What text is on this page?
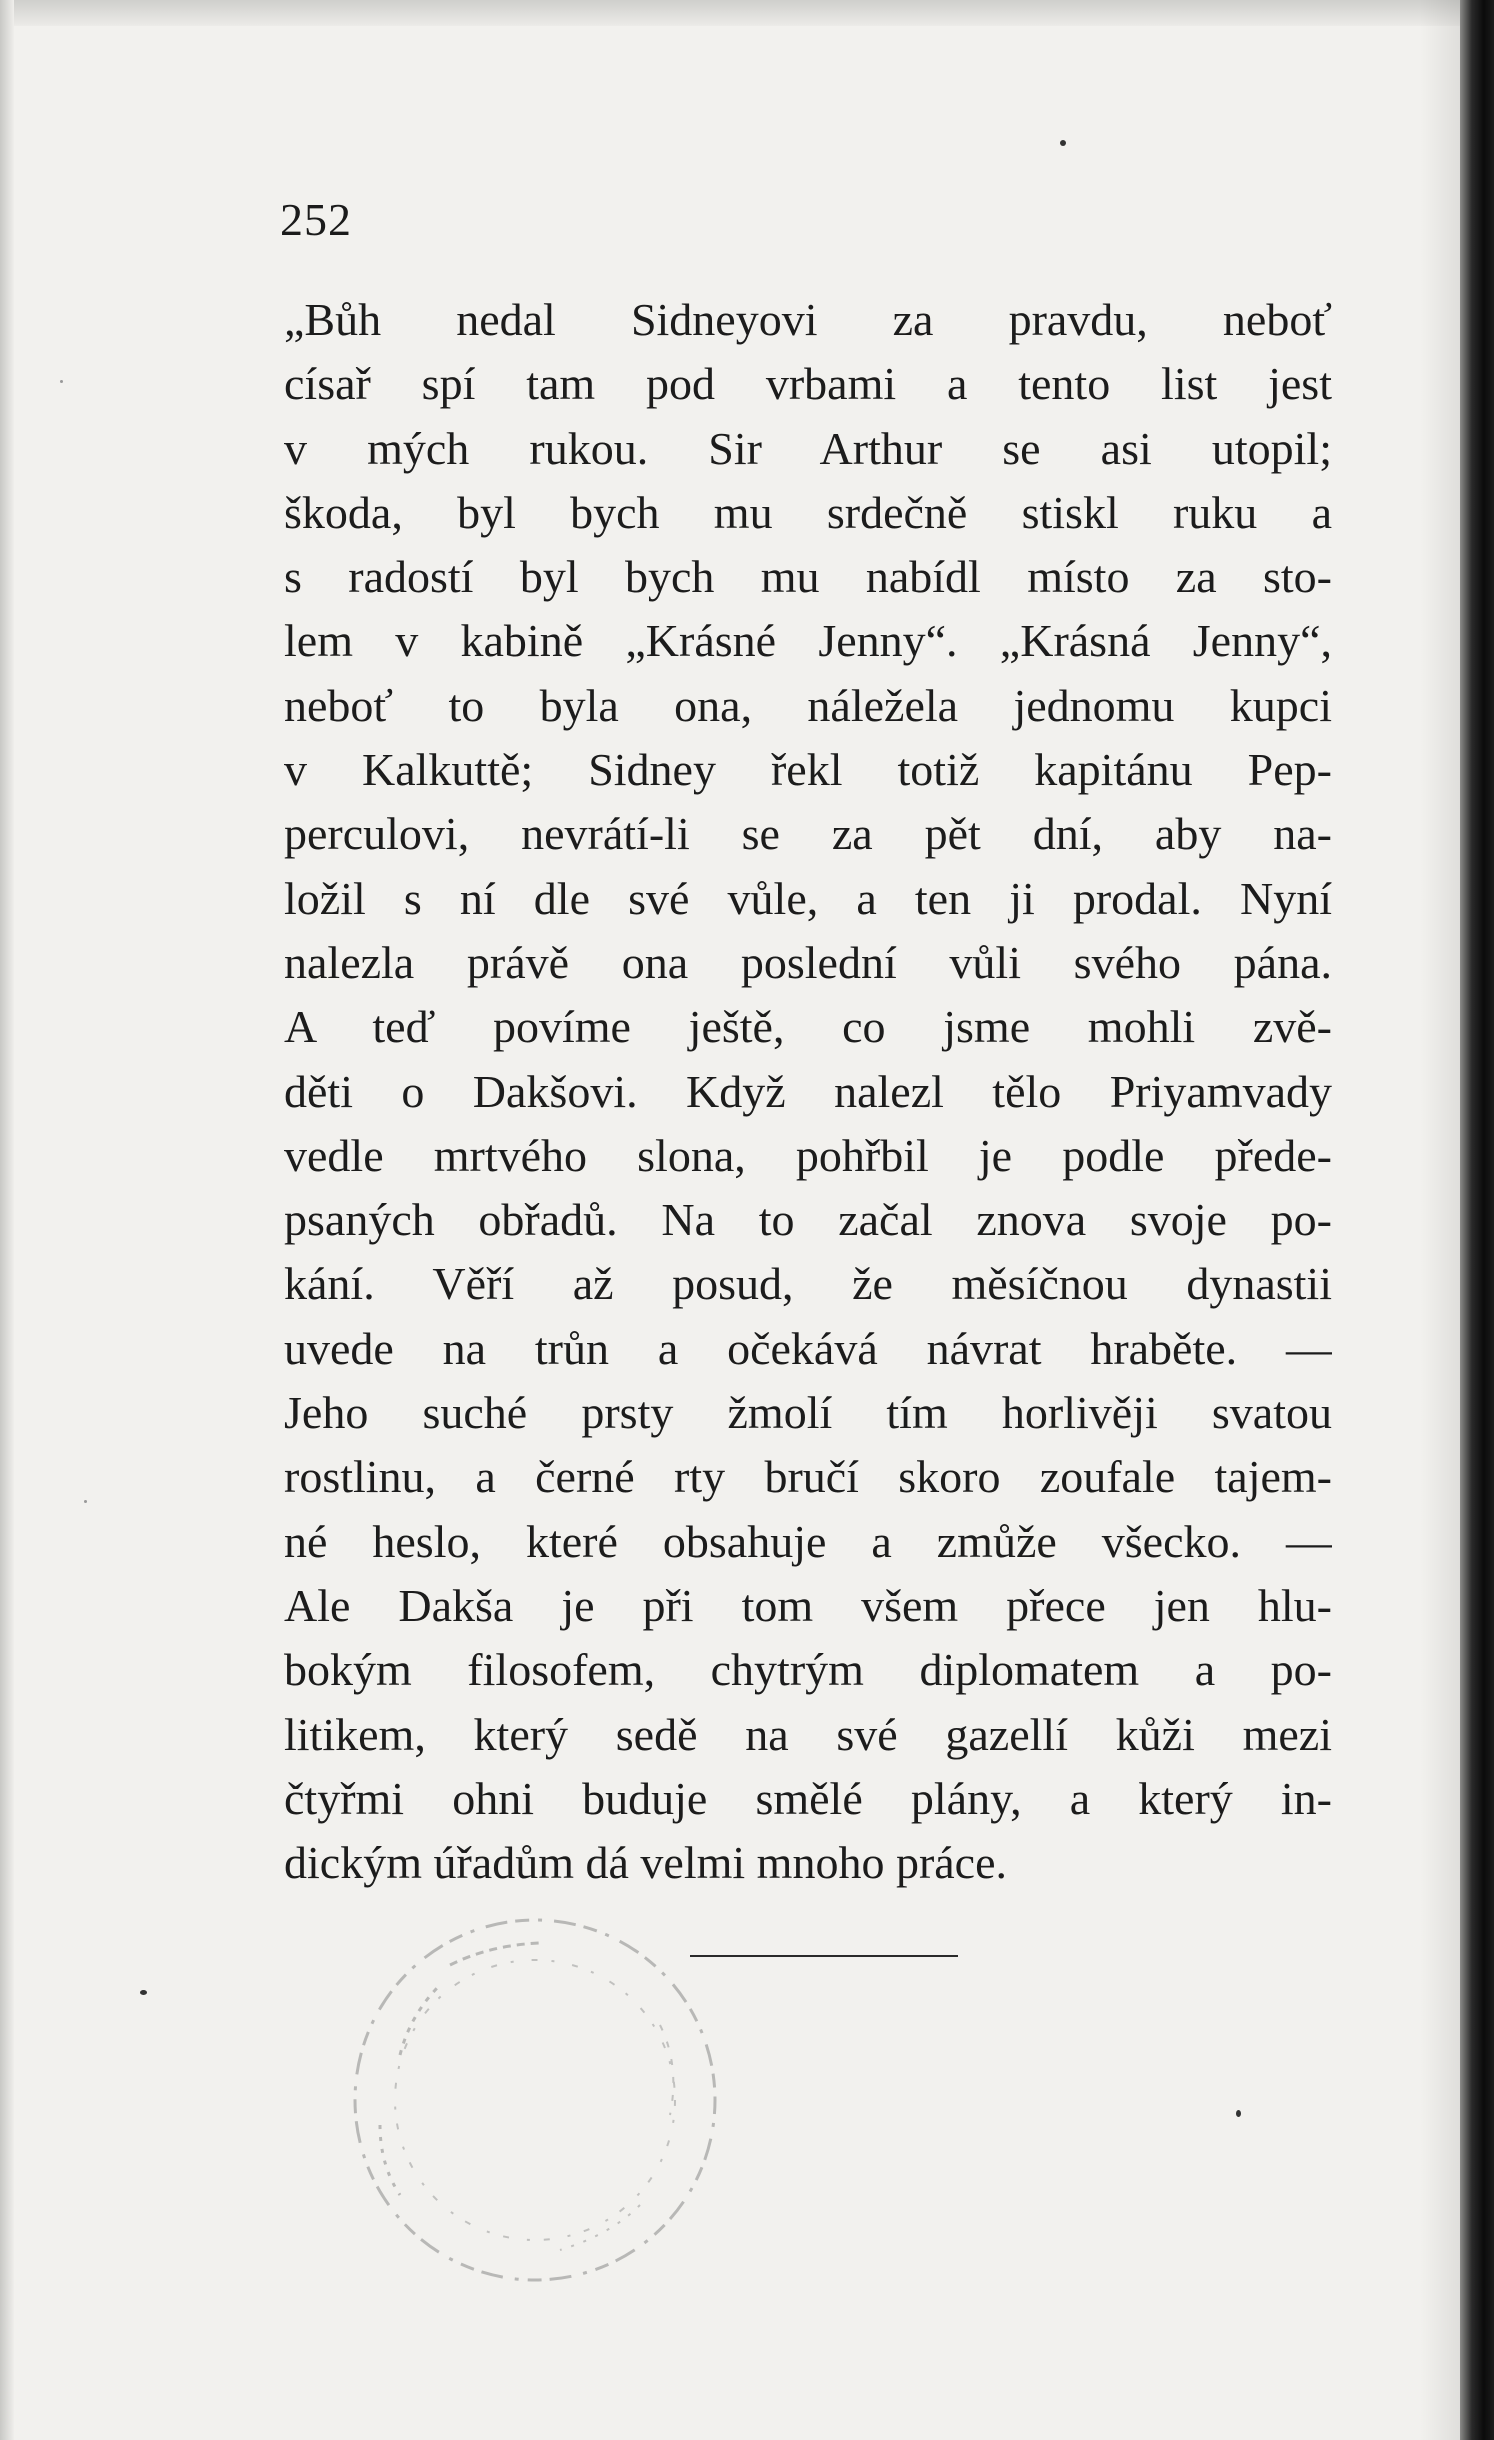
252
„Bůh nedal Sidneyovi za pravdu, neboť
císař spí tam pod vrbami a tento list jest
v mých rukou. Sir Arthur se asi utopil;
škoda, byl bych mu srdečně stiskl ruku a
s radostí byl bych mu nabídl místo za sto-
lem v kabině „Krásné Jenny“. „Krásná Jenny“,
neboť to byla ona, náležela jednomu kupci
v Kalkuttě; Sidney řekl totiž kapitánu Pep-
perculovi, nevrátí-li se za pět dní, aby na-
ložil s ní dle své vůle, a ten ji prodal. Nyní
nalezla právě ona poslední vůli svého pána.
A teď povíme ještě, co jsme mohli zvě-
děti o Dakšovi. Když nalezl tělo Priyamvady
vedle mrtvého slona, pohřbil je podle přede-
psaných obřadů. Na to začal znova svoje po-
kání. Věří až posud, že měsíčnou dynastii
uvede na trůn a očekává návrat hraběte. —
Jeho suché prsty žmolí tím horlivěji svatou
rostlinu, a černé rty bručí skoro zoufale tajem-
né heslo, které obsahuje a zmůže všecko. —
Ale Dakša je při tom všem přece jen hlu-
bokým filosofem, chytrým diplomatem a po-
litikem, který sedě na své gazellí kůži mezi
čtyřmi ohni buduje smělé plány, a který in-
dickým úřadům dá velmi mnoho práce.
